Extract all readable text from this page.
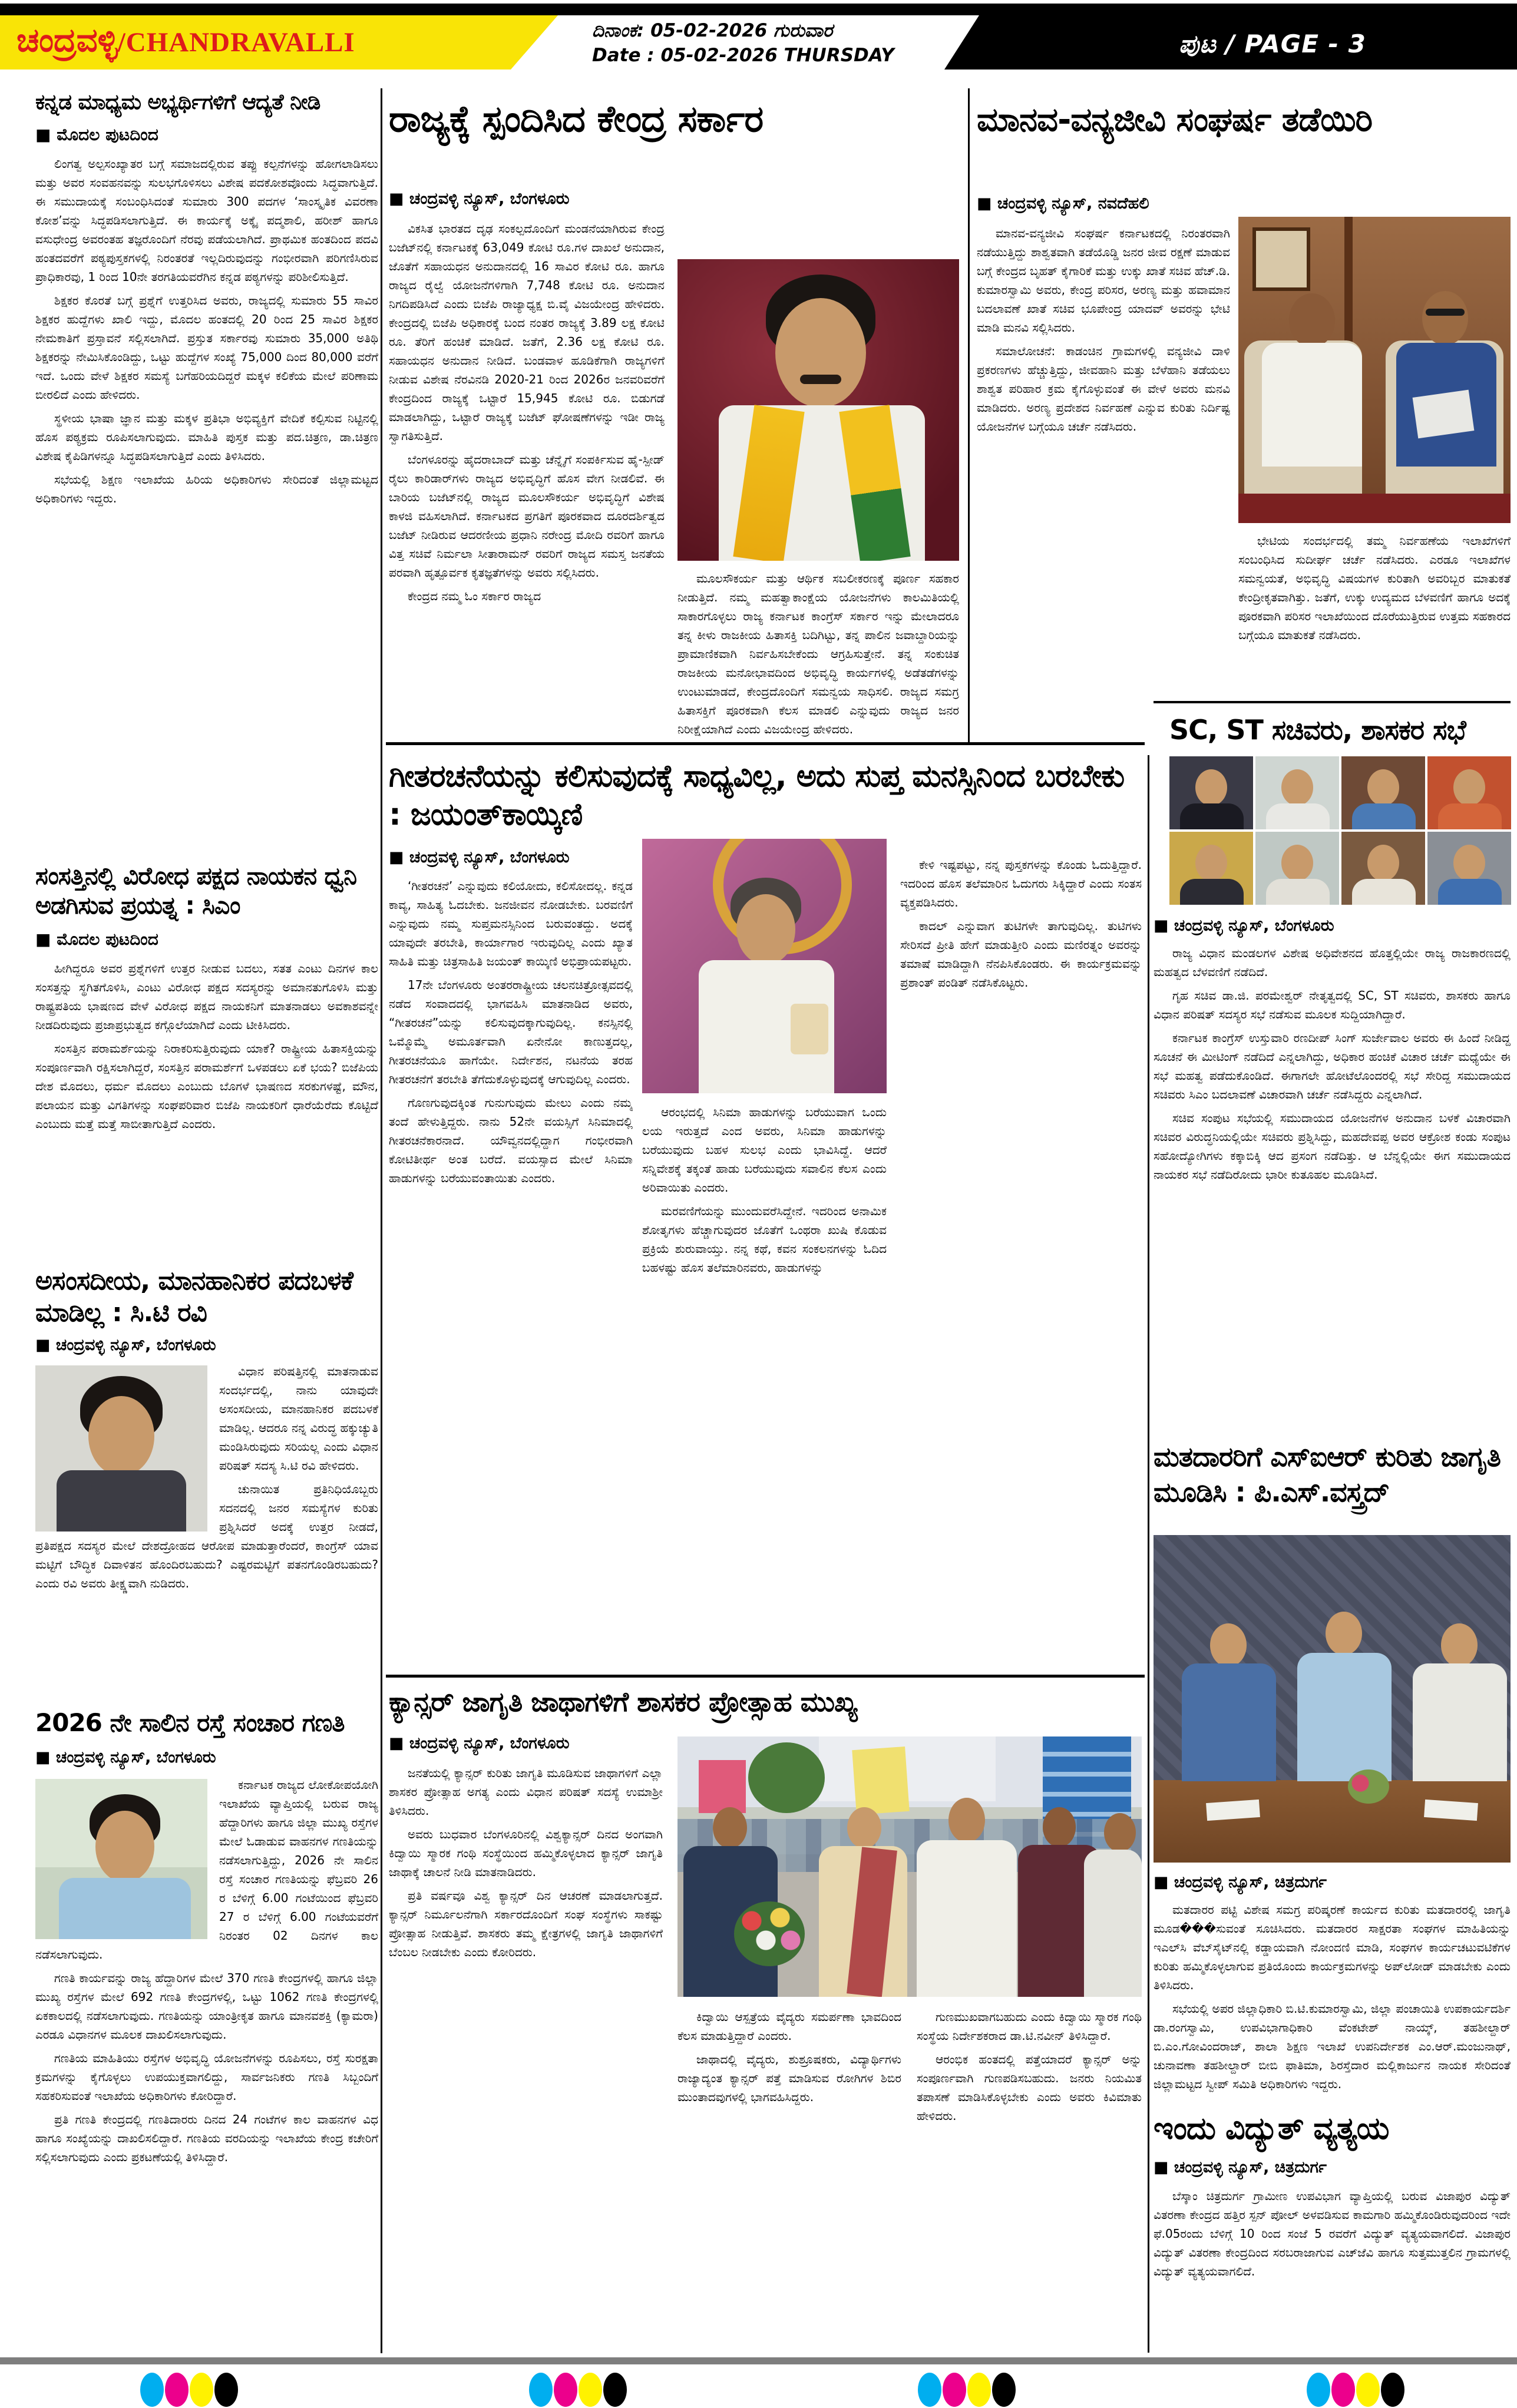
ಚಂದ್ರವಳ್ಳಿ/CHANDRAVALLI	ದಿನಾಂಕ: 05-02-2026 ಗುರುವಾರ
Date : 05-02-2026 THURSDAY	ಪುಟ / PAGE - 3
ಕನ್ನಡ ಮಾಧ್ಯಮ ಅಭ್ಯರ್ಥಿಗಳಿಗೆ ಆದ್ಯತೆ ನೀಡಿ
■ ಮೊದಲ ಪುಟದಿಂದ

ಲಿಂಗತ್ವ ಅಲ್ಪಸಂಖ್ಯಾತರ ಬಗ್ಗೆ ಸಮಾಜದಲ್ಲಿರುವ ತಪ್ಪು ಕಲ್ಪನೆಗಳನ್ನು ಹೋಗಲಾಡಿಸಲು ಮತ್ತು ಅವರ ಸಂವಹನವನ್ನು ಸುಲಭಗೊಳಿಸಲು ವಿಶೇಷ ಪದಕೋಶವೊಂದು ಸಿದ್ಧವಾಗುತ್ತಿದೆ. ಈ ಸಮುದಾಯಕ್ಕೆ ಸಂಬಂಧಿಸಿದಂತೆ ಸುಮಾರು 300 ಪದಗಳ ‘ಸಾಂಸ್ಕೃತಿಕ ವಿವರಣಾ ಕೋಶ’ವನ್ನು ಸಿದ್ಧಪಡಿಸಲಾಗುತ್ತಿದೆ. ಈ ಕಾರ್ಯಕ್ಕೆ ಅಕ್ಕೈ ಪದ್ಮಶಾಲಿ, ಹರೀಶ್ ಹಾಗೂ ವಸುಧೇಂದ್ರ ಅವರಂತಹ ತಜ್ಞರೊಂದಿಗೆ ನೆರವು ಪಡೆಯಲಾಗಿದೆ. ಪ್ರಾಥಮಿಕ ಹಂತದಿಂದ ಪದವಿ ಹಂತದವರೆಗೆ ಪಠ್ಯಪುಸ್ತಕಗಳಲ್ಲಿ ನಿರಂತರತೆ ಇಲ್ಲದಿರುವುದನ್ನು ಗಂಭೀರವಾಗಿ ಪರಿಗಣಿಸಿರುವ ಪ್ರಾಧಿಕಾರವು, 1 ರಿಂದ 10ನೇ ತರಗತಿಯವರೆಗಿನ ಕನ್ನಡ ಪಠ್ಯಗಳನ್ನು ಪರಿಶೀಲಿಸುತ್ತಿದೆ.

ಶಿಕ್ಷಕರ ಕೊರತೆ ಬಗ್ಗೆ ಪ್ರಶ್ನೆಗೆ ಉತ್ತರಿಸಿದ ಅವರು, ರಾಜ್ಯದಲ್ಲಿ ಸುಮಾರು 55 ಸಾವಿರ ಶಿಕ್ಷಕರ ಹುದ್ದೆಗಳು ಖಾಲಿ ಇದ್ದು, ಮೊದಲ ಹಂತದಲ್ಲಿ 20 ರಿಂದ 25 ಸಾವಿರ ಶಿಕ್ಷಕರ ನೇಮಕಾತಿಗೆ ಪ್ರಸ್ತಾವನೆ ಸಲ್ಲಿಸಲಾಗಿದೆ. ಪ್ರಸ್ತುತ ಸರ್ಕಾರವು ಸುಮಾರು 35,000 ಅತಿಥಿ ಶಿಕ್ಷಕರನ್ನು ನೇಮಿಸಿಕೊಂಡಿದ್ದು, ಒಟ್ಟು ಹುದ್ದೆಗಳ ಸಂಖ್ಯೆ 75,000 ದಿಂದ 80,000 ವರೆಗೆ ಇದೆ. ಒಂದು ವೇಳೆ ಶಿಕ್ಷಕರ ಸಮಸ್ಯೆ ಬಗೆಹರಿಯದಿದ್ದರೆ ಮಕ್ಕಳ ಕಲಿಕೆಯ ಮೇಲೆ ಪರಿಣಾಮ ಬೀರಲಿದೆ ಎಂದು ಹೇಳಿದರು.

ಸ್ಥಳೀಯ ಭಾಷಾ ಜ್ಞಾನ ಮತ್ತು ಮಕ್ಕಳ ಪ್ರತಿಭಾ ಅಭಿವ್ಯಕ್ತಿಗೆ ವೇದಿಕೆ ಕಲ್ಪಿಸುವ ನಿಟ್ಟಿನಲ್ಲಿ ಹೊಸ ಪಠ್ಯಕ್ರಮ ರೂಪಿಸಲಾಗುವುದು. ಮಾಹಿತಿ ಪುಸ್ತಕ ಮತ್ತು ಪದ.ಚಿತ್ರಣ, ಡಾ.ಚಿತ್ರಣ ವಿಶೇಷ ಕೈಪಿಡಿಗಳನ್ನೂ ಸಿದ್ಧಪಡಿಸಲಾಗುತ್ತಿದೆ ಎಂದು ತಿಳಿಸಿದರು.

ಸಭೆಯಲ್ಲಿ ಶಿಕ್ಷಣ ಇಲಾಖೆಯ ಹಿರಿಯ ಅಧಿಕಾರಿಗಳು ಸೇರಿದಂತೆ ಜಿಲ್ಲಾಮಟ್ಟದ ಅಧಿಕಾರಿಗಳು ಇದ್ದರು.

ಸಂಸತ್ತಿನಲ್ಲಿ ವಿರೋಧ ಪಕ್ಷದ ನಾಯಕನ ಧ್ವನಿ ಅಡಗಿಸುವ ಪ್ರಯತ್ನ : ಸಿಎಂ
■ ಮೊದಲ ಪುಟದಿಂದ

ಹೀಗಿದ್ದರೂ ಅವರ ಪ್ರಶ್ನೆಗಳಿಗೆ ಉತ್ತರ ನೀಡುವ ಬದಲು, ಸತತ ಎಂಟು ದಿನಗಳ ಕಾಲ ಸಂಸತ್ತನ್ನು ಸ್ಥಗಿತಗೊಳಿಸಿ, ಎಂಟು ವಿರೋಧ ಪಕ್ಷದ ಸದಸ್ಯರನ್ನು ಅಮಾನತುಗೊಳಿಸಿ ಮತ್ತು ರಾಷ್ಟ್ರಪತಿಯ ಭಾಷಣದ ವೇಳೆ ವಿರೋಧ ಪಕ್ಷದ ನಾಯಕನಿಗೆ ಮಾತನಾಡಲು ಅವಕಾಶವನ್ನೇ ನೀಡದಿರುವುದು ಪ್ರಜಾಪ್ರಭುತ್ವದ ಕಗ್ಗೊಲೆಯಾಗಿದೆ ಎಂದು ಟೀಕಿಸಿದರು.

ಸಂಸತ್ತಿನ ಪರಾಮರ್ಶೆಯನ್ನು ನಿರಾಕರಿಸುತ್ತಿರುವುದು ಯಾಕೆ? ರಾಷ್ಟ್ರೀಯ ಹಿತಾಸಕ್ತಿಯನ್ನು ಸಂಪೂರ್ಣವಾಗಿ ರಕ್ಷಿಸಲಾಗಿದ್ದರೆ, ಸಂಸತ್ತಿನ ಪರಾಮರ್ಶೆಗೆ ಒಳಪಡಲು ಏಕೆ ಭಯ? ಬಿಜೆಪಿಯ ದೇಶ ಮೊದಲು, ಧರ್ಮ ಮೊದಲು ಎಂಬುದು ಬೊಗಳೆ ಭಾಷಣದ ಸರಕುಗಳಷ್ಟೆ, ಮೌನ, ಪಲಾಯನ ಮತ್ತು ವಿಗತಿಗಳನ್ನು ಸಂಘಪರಿವಾರ ಬಿಜೆಪಿ ನಾಯಕರಿಗೆ ಧಾರೆಯೆರೆದು ಕೊಟ್ಟಿದೆ ಎಂಬುದು ಮತ್ತೆ ಮತ್ತೆ ಸಾಬೀತಾಗುತ್ತಿದೆ ಎಂದರು.

ಅಸಂಸದೀಯ, ಮಾನಹಾನಿಕರ ಪದಬಳಕೆ ಮಾಡಿಲ್ಲ : ಸಿ.ಟಿ ರವಿ
■ ಚಂದ್ರವಳ್ಳಿ ನ್ಯೂಸ್, ಬೆಂಗಳೂರು

ವಿಧಾನ ಪರಿಷತ್ತಿನಲ್ಲಿ ಮಾತನಾಡುವ ಸಂದರ್ಭದಲ್ಲಿ, ನಾನು ಯಾವುದೇ ಅಸಂಸದೀಯ, ಮಾನಹಾನಿಕರ ಪದಬಳಕೆ ಮಾಡಿಲ್ಲ. ಆದರೂ ನನ್ನ ವಿರುದ್ಧ ಹಕ್ಕುಚ್ಯುತಿ ಮಂಡಿಸಿರುವುದು ಸರಿಯಲ್ಲ ಎಂದು ವಿಧಾನ ಪರಿಷತ್ ಸದಸ್ಯ ಸಿ.ಟಿ ರವಿ ಹೇಳಿದರು.

ಚುನಾಯಿತ ಪ್ರತಿನಿಧಿಯೊಬ್ಬರು ಸದನದಲ್ಲಿ ಜನರ ಸಮಸ್ಯೆಗಳ ಕುರಿತು ಪ್ರಶ್ನಿಸಿದರೆ ಅದಕ್ಕೆ ಉತ್ತರ ನೀಡದೆ, ಪ್ರತಿಪಕ್ಷದ ಸದಸ್ಯರ ಮೇಲೆ ದೇಶದ್ರೋಹದ ಆರೋಪ ಮಾಡುತ್ತಾರೆಂದರೆ, ಕಾಂಗ್ರೆಸ್ ಯಾವ ಮಟ್ಟಿಗೆ ಬೌದ್ಧಿಕ ದಿವಾಳಿತನ ಹೊಂದಿರಬಹುದು? ಎಷ್ಟರಮಟ್ಟಿಗೆ ಪತನಗೊಂಡಿರಬಹುದು? ಎಂದು ರವಿ ಅವರು ತೀಕ್ಷ್ಣವಾಗಿ ನುಡಿದರು.

2026 ನೇ ಸಾಲಿನ ರಸ್ತೆ ಸಂಚಾರ ಗಣತಿ
■ ಚಂದ್ರವಳ್ಳಿ ನ್ಯೂಸ್, ಬೆಂಗಳೂರು

ಕರ್ನಾಟಕ ರಾಜ್ಯದ ಲೋಕೋಪಯೋಗಿ ಇಲಾಖೆಯ ವ್ಯಾಪ್ತಿಯಲ್ಲಿ ಬರುವ ರಾಜ್ಯ ಹೆದ್ದಾರಿಗಳು ಹಾಗೂ ಜಿಲ್ಲಾ ಮುಖ್ಯ ರಸ್ತೆಗಳ ಮೇಲೆ ಓಡಾಡುವ ವಾಹನಗಳ ಗಣತಿಯನ್ನು ನಡೆಸಲಾಗುತ್ತಿದ್ದು, 2026 ನೇ ಸಾಲಿನ ರಸ್ತೆ ಸಂಚಾರ ಗಣತಿಯನ್ನು ಫೆಬ್ರವರಿ 26 ರ ಬೆಳಿಗ್ಗೆ 6.00 ಗಂಟೆಯಿಂದ ಫೆಬ್ರವರಿ 27 ರ ಬೆಳಿಗ್ಗೆ 6.00 ಗಂಟೆಯವರೆಗೆ ನಿರಂತರ 02 ದಿನಗಳ ಕಾಲ ನಡೆಸಲಾಗುವುದು.

ಗಣತಿ ಕಾರ್ಯವನ್ನು ರಾಜ್ಯ ಹೆದ್ದಾರಿಗಳ ಮೇಲೆ 370 ಗಣತಿ ಕೇಂದ್ರಗಳಲ್ಲಿ ಹಾಗೂ ಜಿಲ್ಲಾ ಮುಖ್ಯ ರಸ್ತೆಗಳ ಮೇಲೆ 692 ಗಣತಿ ಕೇಂದ್ರಗಳಲ್ಲಿ, ಒಟ್ಟು 1062 ಗಣತಿ ಕೇಂದ್ರಗಳಲ್ಲಿ ಏಕಕಾಲದಲ್ಲಿ ನಡೆಸಲಾಗುವುದು. ಗಣತಿಯನ್ನು ಯಾಂತ್ರೀಕೃತ ಹಾಗೂ ಮಾನವಶಕ್ತಿ (ಕ್ಯಾಮರಾ) ಎರಡೂ ವಿಧಾನಗಳ ಮೂಲಕ ದಾಖಲಿಸಲಾಗುವುದು.

ಗಣತಿಯ ಮಾಹಿತಿಯು ರಸ್ತೆಗಳ ಅಭಿವೃದ್ಧಿ ಯೋಜನೆಗಳನ್ನು ರೂಪಿಸಲು, ರಸ್ತೆ ಸುರಕ್ಷತಾ ಕ್ರಮಗಳನ್ನು ಕೈಗೊಳ್ಳಲು ಉಪಯುಕ್ತವಾಗಲಿದ್ದು, ಸಾರ್ವಜನಿಕರು ಗಣತಿ ಸಿಬ್ಬಂದಿಗೆ ಸಹಕರಿಸುವಂತೆ ಇಲಾಖೆಯ ಅಧಿಕಾರಿಗಳು ಕೋರಿದ್ದಾರೆ.

ಪ್ರತಿ ಗಣತಿ ಕೇಂದ್ರದಲ್ಲಿ ಗಣತಿದಾರರು ದಿನದ 24 ಗಂಟೆಗಳ ಕಾಲ ವಾಹನಗಳ ವಿಧ ಹಾಗೂ ಸಂಖ್ಯೆಯನ್ನು ದಾಖಲಿಸಲಿದ್ದಾರೆ. ಗಣತಿಯ ವರದಿಯನ್ನು ಇಲಾಖೆಯ ಕೇಂದ್ರ ಕಚೇರಿಗೆ ಸಲ್ಲಿಸಲಾಗುವುದು ಎಂದು ಪ್ರಕಟಣೆಯಲ್ಲಿ ತಿಳಿಸಿದ್ದಾರೆ.

ರಾಜ್ಯಕ್ಕೆ ಸ್ಪಂದಿಸಿದ ಕೇಂದ್ರ ಸರ್ಕಾರ
■ ಚಂದ್ರವಳ್ಳಿ ನ್ಯೂಸ್, ಬೆಂಗಳೂರು

ವಿಕಸಿತ ಭಾರತದ ದೃಢ ಸಂಕಲ್ಪದೊಂದಿಗೆ ಮಂಡನೆಯಾಗಿರುವ ಕೇಂದ್ರ ಬಜೆಟ್‌ನಲ್ಲಿ ಕರ್ನಾಟಕಕ್ಕೆ 63,049 ಕೋಟಿ ರೂ.ಗಳ ದಾಖಲೆ ಅನುದಾನ, ಜೊತೆಗೆ ಸಹಾಯಧನ ಅನುದಾನದಲ್ಲಿ 16 ಸಾವಿರ ಕೋಟಿ ರೂ. ಹಾಗೂ ರಾಜ್ಯದ ರೈಲ್ವೆ ಯೋಜನೆಗಳಿಗಾಗಿ 7,748 ಕೋಟಿ ರೂ. ಅನುದಾನ ನಿಗದಿಪಡಿಸಿದೆ ಎಂದು ಬಿಜೆಪಿ ರಾಜ್ಯಾಧ್ಯಕ್ಷ ಬಿ.ವೈ ವಿಜಯೇಂದ್ರ ಹೇಳಿದರು. ಕೇಂದ್ರದಲ್ಲಿ ಬಿಜೆಪಿ ಅಧಿಕಾರಕ್ಕೆ ಬಂದ ನಂತರ ರಾಜ್ಯಕ್ಕೆ 3.89 ಲಕ್ಷ ಕೋಟಿ ರೂ. ತೆರಿಗೆ ಹಂಚಿಕೆ ಮಾಡಿದೆ. ಜತೆಗೆ, 2.36 ಲಕ್ಷ ಕೋಟಿ ರೂ. ಸಹಾಯಧನ ಅನುದಾನ ನೀಡಿದೆ. ಬಂಡವಾಳ ಹೂಡಿಕೆಗಾಗಿ ರಾಜ್ಯಗಳಿಗೆ ನೀಡುವ ವಿಶೇಷ ನೆರವಿನಡಿ 2020-21 ರಿಂದ 2026ರ ಜನವರಿವರೆಗೆ ಕೇಂದ್ರದಿಂದ ರಾಜ್ಯಕ್ಕೆ ಒಟ್ಟಾರೆ 15,945 ಕೋಟಿ ರೂ. ಬಿಡುಗಡೆ ಮಾಡಲಾಗಿದ್ದು, ಒಟ್ಟಾರೆ ರಾಜ್ಯಕ್ಕೆ ಬಜೆಟ್ ಘೋಷಣೆಗಳನ್ನು ಇಡೀ ರಾಜ್ಯ ಸ್ವಾಗತಿಸುತ್ತಿದೆ.

ಬೆಂಗಳೂರನ್ನು ಹೈದರಾಬಾದ್ ಮತ್ತು ಚೆನ್ನೈಗೆ ಸಂಪರ್ಕಿಸುವ ಹೈ-ಸ್ಪೀಡ್ ರೈಲು ಕಾರಿಡಾರ್‌ಗಳು ರಾಜ್ಯದ ಅಭಿವೃದ್ಧಿಗೆ ಹೊಸ ವೇಗ ನೀಡಲಿವೆ. ಈ ಬಾರಿಯ ಬಜೆಟ್‌ನಲ್ಲಿ ರಾಜ್ಯದ ಮೂಲಸೌಕರ್ಯ ಅಭಿವೃದ್ಧಿಗೆ ವಿಶೇಷ ಕಾಳಜಿ ವಹಿಸಲಾಗಿದೆ. ಕರ್ನಾಟಕದ ಪ್ರಗತಿಗೆ ಪೂರಕವಾದ ದೂರದರ್ಶಿತ್ವದ ಬಜೆಟ್ ನೀಡಿರುವ ಆದರಣೀಯ ಪ್ರಧಾನಿ ನರೇಂದ್ರ ಮೋದಿ ರವರಿಗೆ ಹಾಗೂ ವಿತ್ತ ಸಚಿವೆ ನಿರ್ಮಲಾ ಸೀತಾರಾಮನ್ ರವರಿಗೆ ರಾಜ್ಯದ ಸಮಸ್ತ ಜನತೆಯ ಪರವಾಗಿ ಹೃತ್ಪೂರ್ವಕ ಕೃತಜ್ಞತೆಗಳನ್ನು ಅವರು ಸಲ್ಲಿಸಿದರು.

ಕೇಂದ್ರದ ನಮ್ಮ ಓಂ ಸರ್ಕಾರ ರಾಜ್ಯದ

ಮೂಲಸೌಕರ್ಯ ಮತ್ತು ಆರ್ಥಿಕ ಸಬಲೀಕರಣಕ್ಕೆ ಪೂರ್ಣ ಸಹಕಾರ ನೀಡುತ್ತಿದೆ. ನಮ್ಮ ಮಹತ್ವಾಕಾಂಕ್ಷೆಯ ಯೋಜನೆಗಳು ಕಾಲಮಿತಿಯಲ್ಲಿ ಸಾಕಾರಗೊಳ್ಳಲು ರಾಜ್ಯ ಕರ್ನಾಟಕ ಕಾಂಗ್ರೆಸ್ ಸರ್ಕಾರ ಇನ್ನು ಮೇಲಾದರೂ ತನ್ನ ಕೀಳು ರಾಜಕೀಯ ಹಿತಾಸಕ್ತಿ ಬದಿಗಿಟ್ಟು, ತನ್ನ ಪಾಲಿನ ಜವಾಬ್ದಾರಿಯನ್ನು ಪ್ರಾಮಾಣಿಕವಾಗಿ ನಿರ್ವಹಿಸಬೇಕೆಂದು ಆಗ್ರಹಿಸುತ್ತೇನೆ. ತನ್ನ ಸಂಕುಚಿತ ರಾಜಕೀಯ ಮನೋಭಾವದಿಂದ ಅಭಿವೃದ್ಧಿ ಕಾರ್ಯಗಳಲ್ಲಿ ಅಡೆತಡೆಗಳನ್ನು ಉಂಟುಮಾಡದೆ, ಕೇಂದ್ರದೊಂದಿಗೆ ಸಮನ್ವಯ ಸಾಧಿಸಲಿ. ರಾಜ್ಯದ ಸಮಗ್ರ ಹಿತಾಸಕ್ತಿಗೆ ಪೂರಕವಾಗಿ ಕೆಲಸ ಮಾಡಲಿ ಎನ್ನುವುದು ರಾಜ್ಯದ ಜನರ ನಿರೀಕ್ಷೆಯಾಗಿದೆ ಎಂದು ವಿಜಯೇಂದ್ರ ಹೇಳಿದರು.

ಮಾನವ-ವನ್ಯಜೀವಿ ಸಂಘರ್ಷ ತಡೆಯಿರಿ
■ ಚಂದ್ರವಳ್ಳಿ ನ್ಯೂಸ್, ನವದೆಹಲಿ

ಮಾನವ-ವನ್ಯಜೀವಿ ಸಂಘರ್ಷ ಕರ್ನಾಟಕದಲ್ಲಿ ನಿರಂತರವಾಗಿ ನಡೆಯುತ್ತಿದ್ದು ಶಾಶ್ವತವಾಗಿ ತಡೆಯೊಡ್ಡಿ ಜನರ ಜೀವ ರಕ್ಷಣೆ ಮಾಡುವ ಬಗ್ಗೆ ಕೇಂದ್ರದ ಬೃಹತ್ ಕೈಗಾರಿಕೆ ಮತ್ತು ಉಕ್ಕು ಖಾತೆ ಸಚಿವ ಹೆಚ್.ಡಿ. ಕುಮಾರಸ್ವಾಮಿ ಅವರು, ಕೇಂದ್ರ ಪರಿಸರ, ಅರಣ್ಯ ಮತ್ತು ಹವಾಮಾನ ಬದಲಾವಣೆ ಖಾತೆ ಸಚಿವ ಭೂಪೇಂದ್ರ ಯಾದವ್ ಅವರನ್ನು ಭೇಟಿ ಮಾಡಿ ಮನವಿ ಸಲ್ಲಿಸಿದರು.

ಸಮಾಲೋಚನೆ: ಕಾಡಂಚಿನ ಗ್ರಾಮಗಳಲ್ಲಿ ವನ್ಯಜೀವಿ ದಾಳಿ ಪ್ರಕರಣಗಳು ಹೆಚ್ಚುತ್ತಿದ್ದು, ಜೀವಹಾನಿ ಮತ್ತು ಬೆಳೆಹಾನಿ ತಡೆಯಲು ಶಾಶ್ವತ ಪರಿಹಾರ ಕ್ರಮ ಕೈಗೊಳ್ಳುವಂತೆ ಈ ವೇಳೆ ಅವರು ಮನವಿ ಮಾಡಿದರು. ಅರಣ್ಯ ಪ್ರದೇಶದ ನಿರ್ವಹಣೆ ಎನ್ನುವ ಕುರಿತು ನಿರ್ದಿಷ್ಟ ಯೋಜನೆಗಳ ಬಗ್ಗೆಯೂ ಚರ್ಚೆ ನಡೆಸಿದರು.

ಭೇಟಿಯ ಸಂದರ್ಭದಲ್ಲಿ ತಮ್ಮ ನಿರ್ವಹಣೆಯ ಇಲಾಖೆಗಳಿಗೆ ಸಂಬಂಧಿಸಿದ ಸುದೀರ್ಘ ಚರ್ಚೆ ನಡೆಸಿದರು. ಎರಡೂ ಇಲಾಖೆಗಳ ಸಮನ್ವಯತೆ, ಅಭಿವೃದ್ಧಿ ವಿಷಯಗಳ ಕುರಿತಾಗಿ ಅವರಿಬ್ಬರ ಮಾತುಕತೆ ಕೇಂದ್ರೀಕೃತವಾಗಿತ್ತು. ಜತೆಗೆ, ಉಕ್ಕು ಉದ್ಯಮದ ಬೆಳವಣಿಗೆ ಹಾಗೂ ಅದಕ್ಕೆ ಪೂರಕವಾಗಿ ಪರಿಸರ ಇಲಾಖೆಯಿಂದ ದೊರೆಯುತ್ತಿರುವ ಉತ್ತಮ ಸಹಕಾರದ ಬಗ್ಗೆಯೂ ಮಾತುಕತೆ ನಡೆಸಿದರು.

ಗೀತರಚನೆಯನ್ನು ಕಲಿಸುವುದಕ್ಕೆ ಸಾಧ್ಯವಿಲ್ಲ, ಅದು ಸುಪ್ತ ಮನಸ್ಸಿನಿಂದ ಬರಬೇಕು : ಜಯಂತ್‌ಕಾಯ್ಕಿಣಿ
■ ಚಂದ್ರವಳ್ಳಿ ನ್ಯೂಸ್, ಬೆಂಗಳೂರು

‘ಗೀತರಚನೆ’ ಎನ್ನುವುದು ಕಲಿಯೋದು, ಕಲಿಸೋದಲ್ಲ. ಕನ್ನಡ ಕಾವ್ಯ, ಸಾಹಿತ್ಯ ಓದಬೇಕು. ಜನಜೀವನ ನೋಡಬೇಕು. ಬರವಣಿಗೆ ಎನ್ನುವುದು ನಮ್ಮ ಸುಪ್ತಮನಸ್ಸಿನಿಂದ ಬರುವಂತದ್ದು. ಅದಕ್ಕೆ ಯಾವುದೇ ತರಬೇತಿ, ಕಾರ್ಯಾಗಾರ ಇರುವುದಿಲ್ಲ ಎಂದು ಖ್ಯಾತ ಸಾಹಿತಿ ಮತ್ತು ಚಿತ್ರಸಾಹಿತಿ ಜಯಂತ್ ಕಾಯ್ಕಿಣಿ ಅಭಿಪ್ರಾಯಪಟ್ಟರು.

17ನೇ ಬೆಂಗಳೂರು ಅಂತರರಾಷ್ಟ್ರೀಯ ಚಲನಚಿತ್ರೋತ್ಸವದಲ್ಲಿ ನಡೆದ ಸಂವಾದದಲ್ಲಿ ಭಾಗವಹಿಸಿ ಮಾತನಾಡಿದ ಅವರು, “ಗೀತರಚನೆ”ಯನ್ನು ಕಲಿಸುವುದಕ್ಕಾಗುವುದಿಲ್ಲ. ಕನಸ್ಸಿನಲ್ಲಿ ಒಮ್ಮೊಮ್ಮೆ ಅಮೂರ್ತವಾಗಿ ಏನೇನೋ ಕಾಣುತ್ತದಲ್ಲ, ಗೀತರಚನೆಯೂ ಹಾಗೆಯೇ. ನಿರ್ದೇಶನ, ನಟನೆಯ ತರಹ ಗೀತರಚನೆಗೆ ತರಬೇತಿ ತೆಗೆದುಕೊಳ್ಳುವುದಕ್ಕೆ ಆಗುವುದಿಲ್ಲ ಎಂದರು.

ಗೊಣಗುವುದಕ್ಕಿಂತ ಗುನುಗುವುದು ಮೇಲು ಎಂದು ನಮ್ಮ ತಂದೆ ಹೇಳುತ್ತಿದ್ದರು. ನಾನು 52ನೇ ವಯಸ್ಸಿಗೆ ಸಿನಿಮಾದಲ್ಲಿ ಗೀತರಚನೆಕಾರನಾದೆ. ಯೌವ್ವನದಲ್ಲಿದ್ದಾಗ ಗಂಭೀರವಾಗಿ ಕೋಟಿತೀರ್ಥ ಅಂತ ಬರೆದೆ. ವಯಸ್ಸಾದ ಮೇಲೆ ಸಿನಿಮಾ ಹಾಡುಗಳನ್ನು ಬರೆಯುವಂತಾಯಿತು ಎಂದರು.

ಆರಂಭದಲ್ಲಿ ಸಿನಿಮಾ ಹಾಡುಗಳನ್ನು ಬರೆಯುವಾಗ ಒಂದು ಲಯ ಇರುತ್ತದೆ ಎಂದ ಅವರು, ಸಿನಿಮಾ ಹಾಡುಗಳನ್ನು ಬರೆಯುವುದು ಬಹಳ ಸುಲಭ ಎಂದು ಭಾವಿಸಿದ್ದೆ. ಆದರೆ ಸನ್ನಿವೇಶಕ್ಕೆ ತಕ್ಕಂತೆ ಹಾಡು ಬರೆಯುವುದು ಸವಾಲಿನ ಕೆಲಸ ಎಂದು ಅರಿವಾಯಿತು ಎಂದರು.

ಮರವಣಿಗೆಯನ್ನು ಮುಂದುವರೆಸಿದ್ದೇನೆ. ಇದರಿಂದ ಅನಾಮಿಕ ಶೋತೃಗಳು ಹೆಚ್ಚಾಗುವುದರ ಜೊತೆಗೆ ಒಂಥರಾ ಖುಷಿ ಕೊಡುವ ಪ್ರಕ್ರಿಯೆ ಶುರುವಾಯ್ತು. ನನ್ನ ಕಥೆ, ಕವನ ಸಂಕಲನಗಳನ್ನು ಓದಿದ ಬಹಳಷ್ಟು ಹೊಸ ತಲೆಮಾರಿನವರು, ಹಾಡುಗಳನ್ನು

ಕೇಳಿ ಇಷ್ಟಪಟ್ಟು, ನನ್ನ ಪುಸ್ತಕಗಳನ್ನು ಕೊಂಡು ಓದುತ್ತಿದ್ದಾರೆ. ಇದರಿಂದ ಹೊಸ ತಲೆಮಾರಿನ ಓದುಗರು ಸಿಕ್ಕಿದ್ದಾರೆ ಎಂದು ಸಂತಸ ವ್ಯಕ್ತಪಡಿಸಿದರು.

ಕಾದಲ್ ಎನ್ನುವಾಗ ತುಟಿಗಳೇ ತಾಗುವುದಿಲ್ಲ. ತುಟಿಗಳು ಸೇರಿಸದೆ ಪ್ರೀತಿ ಹೇಗೆ ಮಾಡುತ್ತೀರಿ ಎಂದು ಮಣಿರತ್ನಂ ಅವರನ್ನು ತಮಾಷೆ ಮಾಡಿದ್ದಾಗಿ ನೆನಪಿಸಿಕೊಂಡರು. ಈ ಕಾರ್ಯಕ್ರಮವನ್ನು ಪ್ರಶಾಂತ್ ಪಂಡಿತ್ ನಡೆಸಿಕೊಟ್ಟರು.

SC, ST ಸಚಿವರು, ಶಾಸಕರ ಸಭೆ
■ ಚಂದ್ರವಳ್ಳಿ ನ್ಯೂಸ್, ಬೆಂಗಳೂರು

ರಾಜ್ಯ ವಿಧಾನ ಮಂಡಲಗಳ ವಿಶೇಷ ಅಧಿವೇಶನದ ಹೊತ್ತಲ್ಲಿಯೇ ರಾಜ್ಯ ರಾಜಕಾರಣದಲ್ಲಿ ಮಹತ್ವದ ಬೆಳವಣಿಗೆ ನಡೆದಿದೆ.

ಗೃಹ ಸಚಿವ ಡಾ.ಜಿ. ಪರಮೇಶ್ವರ್ ನೇತೃತ್ವದಲ್ಲಿ SC, ST ಸಚಿವರು, ಶಾಸಕರು ಹಾಗೂ ವಿಧಾನ ಪರಿಷತ್ ಸದಸ್ಯರ ಸಭೆ ನಡೆಸುವ ಮೂಲಕ ಸುದ್ದಿಯಾಗಿದ್ದಾರೆ.

ಕರ್ನಾಟಕ ಕಾಂಗ್ರೆಸ್ ಉಸ್ತುವಾರಿ ರಣದೀಪ್ ಸಿಂಗ್ ಸುರ್ಜೇವಾಲ ಅವರು ಈ ಹಿಂದೆ ನೀಡಿದ್ದ ಸೂಚನೆ ಈ ಮೀಟಿಂಗ್ ನಡೆದಿದೆ ಎನ್ನಲಾಗಿದ್ದು, ಅಧಿಕಾರ ಹಂಚಿಕೆ ವಿಚಾರ ಚರ್ಚೆ ಮಧ್ಯೆಯೇ ಈ ಸಭೆ ಮಹತ್ವ ಪಡೆದುಕೊಂಡಿದೆ. ಈಗಾಗಲೇ ಹೋಟೆಲೊಂದರಲ್ಲಿ ಸಭೆ ಸೇರಿದ್ದ ಸಮುದಾಯದ ಸಚಿವರು ಸಿಎಂ ಬದಲಾವಣೆ ವಿಚಾರವಾಗಿ ಚರ್ಚೆ ನಡೆಸಿದ್ದರು ಎನ್ನಲಾಗಿದೆ.

ಸಚಿವ ಸಂಪುಟ ಸಭೆಯಲ್ಲಿ ಸಮುದಾಯದ ಯೋಜನೆಗಳ ಅನುದಾನ ಬಳಕೆ ವಿಚಾರವಾಗಿ ಸಚಿವರ ವಿರುದ್ಧನಿಯಲ್ಲಿಯೇ ಸಚಿವರು ಪ್ರಶ್ನಿಸಿದ್ದು, ಮಹದೇವಪ್ಪ ಅವರ ಆಕ್ರೋಶ ಕಂಡು ಸಂಪುಟ ಸಹೋದ್ಯೋಗಿಗಳು ಕಕ್ಕಾಬಿಕ್ಕಿ ಆದ ಪ್ರಸಂಗ ನಡೆದಿತ್ತು. ಆ ಬೆನ್ನಲ್ಲಿಯೇ ಈಗ ಸಮುದಾಯದ ನಾಯಕರ ಸಭೆ ನಡೆದಿರೋದು ಭಾರೀ ಕುತೂಹಲ ಮೂಡಿಸಿದೆ.

ಮತದಾರರಿಗೆ ಎಸ್‌ಐಆರ್ ಕುರಿತು ಜಾಗೃತಿ ಮೂಡಿಸಿ : ಪಿ.ಎಸ್.ವಸ್ತ್ರದ್
■ ಚಂದ್ರವಳ್ಳಿ ನ್ಯೂಸ್, ಚಿತ್ರದುರ್ಗ

ಮತದಾರರ ಪಟ್ಟಿ ವಿಶೇಷ ಸಮಗ್ರ ಪರಿಷ್ಕರಣೆ ಕಾರ್ಯದ ಕುರಿತು ಮತದಾರರಲ್ಲಿ ಜಾಗೃತಿ ಮೂಡ���ಸುವಂತೆ ಸೂಚಿಸಿದರು. ಮತದಾರರ ಸಾಕ್ಷರತಾ ಸಂಘಗಳ ಮಾಹಿತಿಯನ್ನು ಇಎಲ್‌ಸಿ ವೆಬ್‌ಸೈಟ್‌ನಲ್ಲಿ ಕಡ್ಡಾಯವಾಗಿ ನೋಂದಣಿ ಮಾಡಿ, ಸಂಘಗಳ ಕಾರ್ಯಚಟುವಟಿಕೆಗಳ ಕುರಿತು ಹಮ್ಮಿಕೊಳ್ಳಲಾಗುವ ಪ್ರತಿಯೊಂದು ಕಾರ್ಯಕ್ರಮಗಳನ್ನು ಅಪ್‌ಲೋಡ್ ಮಾಡಬೇಕು ಎಂದು ತಿಳಿಸಿದರು.

ಸಭೆಯಲ್ಲಿ ಅಪರ ಜಿಲ್ಲಾಧಿಕಾರಿ ಬಿ.ಟಿ.ಕುಮಾರಸ್ವಾಮಿ, ಜಿಲ್ಲಾ ಪಂಚಾಯಿತಿ ಉಪಕಾರ್ಯದರ್ಶಿ ಡಾ.ರಂಗಸ್ವಾಮಿ, ಉಪವಿಭಾಗಾಧಿಕಾರಿ ವೆಂಕಟೇಶ್ ನಾಯ್ಕ್, ತಹಶೀಲ್ದಾರ್ ಬಿ.ಎಂ.ಗೋವಿಂದರಾಜ್, ಶಾಲಾ ಶಿಕ್ಷಣ ಇಲಾಖೆ ಉಪನಿರ್ದೇಶಕ ಎಂ.ಆರ್.ಮಂಜುನಾಥ್, ಚುನಾವಣಾ ತಹಶೀಲ್ದಾರ್ ಬೀಬಿ ಫಾತಿಮಾ, ಶಿರಸ್ತೆದಾರ ಮಲ್ಲಿಕಾರ್ಜುನ ನಾಯಕ ಸೇರಿದಂತೆ ಜಿಲ್ಲಾಮಟ್ಟದ ಸ್ವೀಪ್ ಸಮಿತಿ ಅಧಿಕಾರಿಗಳು ಇದ್ದರು.

ಇಂದು ವಿದ್ಯುತ್ ವ್ಯತ್ಯಯ
■ ಚಂದ್ರವಳ್ಳಿ ನ್ಯೂಸ್, ಚಿತ್ರದುರ್ಗ

ಬೆಸ್ಕಾಂ ಚಿತ್ರದುರ್ಗ ಗ್ರಾಮೀಣ ಉಪವಿಭಾಗ ವ್ಯಾಪ್ತಿಯಲ್ಲಿ ಬರುವ ವಿಜಾಪುರ ವಿದ್ಯುತ್ ವಿತರಣಾ ಕೇಂದ್ರದ ಹತ್ತಿರ ಸ್ಪನ್ ಪೋಲ್ ಅಳವಡಿಸುವ ಕಾಮಗಾರಿ ಹಮ್ಮಿಕೊಂಡಿರುವುದರಿಂದ ಇದೇ ಫೆ.05ರಂದು ಬೆಳಿಗ್ಗೆ 10 ರಿಂದ ಸಂಜೆ 5 ರವರೆಗೆ ವಿದ್ಯುತ್ ವ್ಯತ್ಯಯವಾಗಲಿದೆ. ವಿಜಾಪುರ ವಿದ್ಯುತ್ ವಿತರಣಾ ಕೇಂದ್ರದಿಂದ ಸರಬರಾಜಾಗುವ ಎಚ್‌ಜೆವಿ ಹಾಗೂ ಸುತ್ತಮುತ್ತಲಿನ ಗ್ರಾಮಗಳಲ್ಲಿ ವಿದ್ಯುತ್ ವ್ಯತ್ಯಯವಾಗಲಿದೆ.

ಕ್ಯಾನ್ಸರ್ ಜಾಗೃತಿ ಜಾಥಾಗಳಿಗೆ ಶಾಸಕರ ಪ್ರೋತ್ಸಾಹ ಮುಖ್ಯ
■ ಚಂದ್ರವಳ್ಳಿ ನ್ಯೂಸ್, ಬೆಂಗಳೂರು

ಜನತೆಯಲ್ಲಿ ಕ್ಯಾನ್ಸರ್ ಕುರಿತು ಜಾಗೃತಿ ಮೂಡಿಸುವ ಜಾಥಾಗಳಿಗೆ ಎಲ್ಲಾ ಶಾಸಕರ ಪ್ರೋತ್ಸಾಹ ಅಗತ್ಯ ಎಂದು ವಿಧಾನ ಪರಿಷತ್ ಸದಸ್ಯೆ ಉಮಾಶ್ರೀ ತಿಳಿಸಿದರು.

ಅವರು ಬುಧವಾರ ಬೆಂಗಳೂರಿನಲ್ಲಿ ವಿಶ್ವಕ್ಯಾನ್ಸರ್ ದಿನದ ಅಂಗವಾಗಿ ಕಿದ್ವಾಯಿ ಸ್ಮಾರಕ ಗಂಥಿ ಸಂಸ್ಥೆಯಿಂದ ಹಮ್ಮಿಕೊಳ್ಳಲಾದ ಕ್ಯಾನ್ಸರ್ ಜಾಗೃತಿ ಜಾಥಾಕ್ಕೆ ಚಾಲನೆ ನೀಡಿ ಮಾತನಾಡಿದರು.

ಪ್ರತಿ ವರ್ಷವೂ ವಿಶ್ವ ಕ್ಯಾನ್ಸರ್ ದಿನ ಆಚರಣೆ ಮಾಡಲಾಗುತ್ತದೆ. ಕ್ಯಾನ್ಸರ್ ನಿರ್ಮೂಲನೆಗಾಗಿ ಸರ್ಕಾರದೊಂದಿಗೆ ಸಂಘ ಸಂಸ್ಥೆಗಳು ಸಾಕಷ್ಟು ಪ್ರೋತ್ಸಾಹ ನೀಡುತ್ತಿವೆ. ಶಾಸಕರು ತಮ್ಮ ಕ್ಷೇತ್ರಗಳಲ್ಲಿ ಜಾಗೃತಿ ಜಾಥಾಗಳಿಗೆ ಬೆಂಬಲ ನೀಡಬೇಕು ಎಂದು ಕೋರಿದರು.

ಕಿದ್ವಾಯಿ ಆಸ್ಪತ್ರೆಯ ವೈದ್ಯರು ಸಮರ್ಪಣಾ ಭಾವದಿಂದ ಕೆಲಸ ಮಾಡುತ್ತಿದ್ದಾರೆ ಎಂದರು.

ಜಾಥಾದಲ್ಲಿ ವೈದ್ಯರು, ಶುಶ್ರೂಷಕರು, ವಿದ್ಯಾರ್ಥಿಗಳು ರಾಜ್ಯಾದ್ಯಂತ ಕ್ಯಾನ್ಸರ್ ಪತ್ತೆ ಮಾಡಿಸುವ ರೋಗಿಗಳ ಶಿಬಿರ ಮುಂತಾದವುಗಳಲ್ಲಿ ಭಾಗವಹಿಸಿದ್ದರು.

ಗುಣಮುಖವಾಗಬಹುದು ಎಂದು ಕಿದ್ವಾಯಿ ಸ್ಮಾರಕ ಗಂಥಿ ಸಂಸ್ಥೆಯ ನಿರ್ದೇಶಕರಾದ ಡಾ.ಟಿ.ನವೀನ್ ತಿಳಿಸಿದ್ದಾರೆ.

ಆರಂಭಿಕ ಹಂತದಲ್ಲಿ ಪತ್ತೆಯಾದರೆ ಕ್ಯಾನ್ಸರ್ ಅನ್ನು ಸಂಪೂರ್ಣವಾಗಿ ಗುಣಪಡಿಸಬಹುದು. ಜನರು ನಿಯಮಿತ ತಪಾಸಣೆ ಮಾಡಿಸಿಕೊಳ್ಳಬೇಕು ಎಂದು ಅವರು ಕಿವಿಮಾತು ಹೇಳಿದರು.
